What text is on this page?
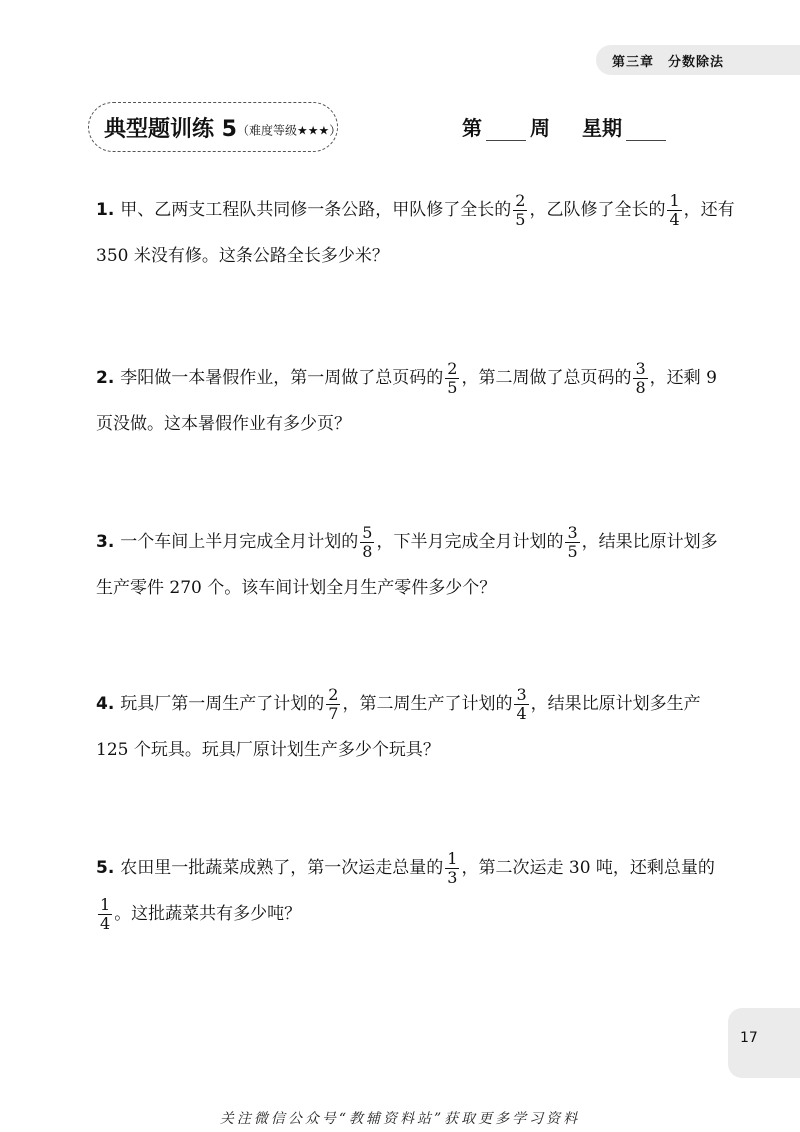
第三章　分数除法
典型题训练 5（难度等级★★★）	第 周 星期
1. 甲、乙两支工程队共同修一条公路，甲队修了全长的 $\frac{2}{5}$ ，乙队修了全长的 $\frac{1}{4}$ ，还有
350 米没有修。这条公路全长多少米？
2. 李阳做一本暑假作业，第一周做了总页码的 $\frac{2}{5}$ ，第二周做了总页码的 $\frac{3}{8}$ ，还剩 9
页没做。这本暑假作业有多少页？
3. 一个车间上半月完成全月计划的 $\frac{5}{8}$ ，下半月完成全月计划的 $\frac{3}{5}$ ，结果比原计划多
生产零件 270 个。该车间计划全月生产零件多少个？
4. 玩具厂第一周生产了计划的 $\frac{2}{7}$ ，第二周生产了计划的 $\frac{3}{4}$ ，结果比原计划多生产
125 个玩具。玩具厂原计划生产多少个玩具？
5. 农田里一批蔬菜成熟了，第一次运走总量的 $\frac{1}{3}$ ，第二次运走 30 吨，还剩总量的
$\frac{1}{4}$ 。这批蔬菜共有多少吨？
17
关注微信公众号“教辅资料站”获取更多学习资料
